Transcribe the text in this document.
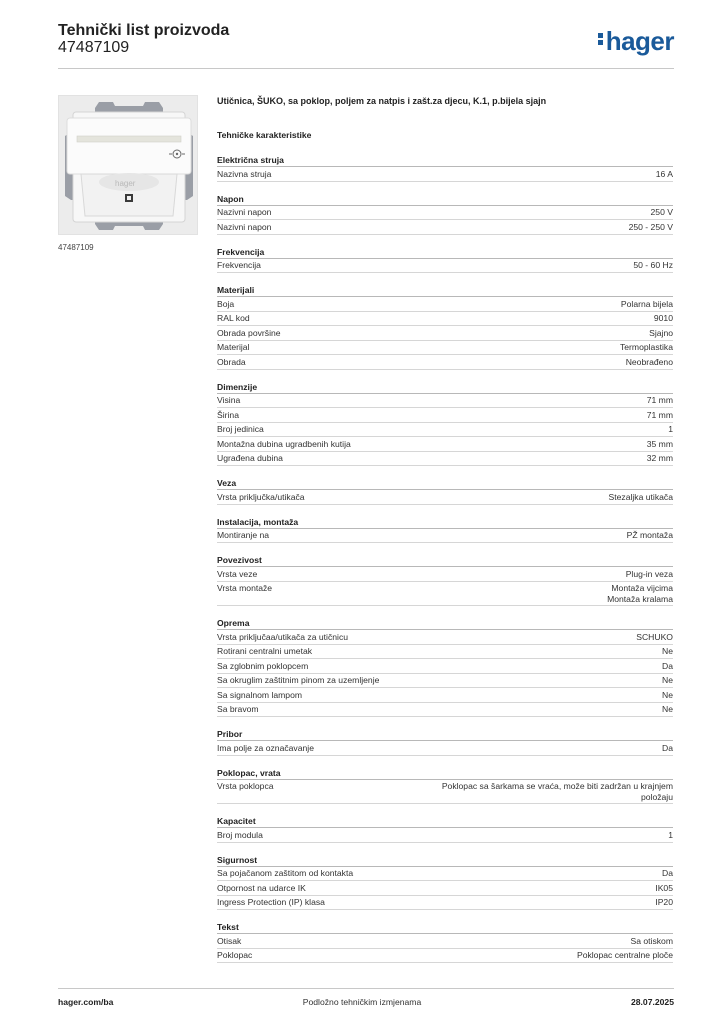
Tehnički list proizvoda
47487109	hager
hager
47487109
Utičnica, ŠUKO, sa poklop, poljem za natpis i zašt.za djecu, K.1, p.bijela sjajn
Tehničke karakteristike
Električna struja
Nazivna struja	16 A
Napon
Nazivni napon	250 V
Nazivni napon	250 - 250 V
Frekvencija
Frekvencija	50 - 60 Hz
Materijali
Boja	Polarna bijela
RAL kod	9010
Obrada površine	Sjajno
Materijal	Termoplastika
Obrada	Neobrađeno
Dimenzije
Visina	71 mm
Širina	71 mm
Broj jedinica	1
Montažna dubina ugradbenih kutija	35 mm
Ugrađena dubina	32 mm
Veza
Vrsta priključka/utikača	Stezaljka utikača
Instalacija, montaža
Montiranje na	PŽ montaža
Povezivost
Vrsta veze	Plug-in veza
Vrsta montaže	Montaža vijcima
Montaža kralama
Oprema
Vrsta priključaa/utikača za utičnicu	SCHUKO
Rotirani centralni umetak	Ne
Sa zglobnim poklopcem	Da
Sa okruglim zaštitnim pinom za uzemljenje	Ne
Sa signalnom lampom	Ne
Sa bravom	Ne
Pribor
Ima polje za označavanje	Da
Poklopac, vrata
Vrsta poklopca	Poklopac sa šarkama se vraća, može biti zadržan u krajnjem
položaju
Kapacitet
Broj modula	1
Sigurnost
Sa pojačanom zaštitom od kontakta	Da
Otpornost na udarce IK	IK05
Ingress Protection (IP) klasa	IP20
Tekst
Otisak	Sa otiskom
Poklopac	Poklopac centralne ploče
hager.com/ba	Podložno tehničkim izmjenama	28.07.2025
